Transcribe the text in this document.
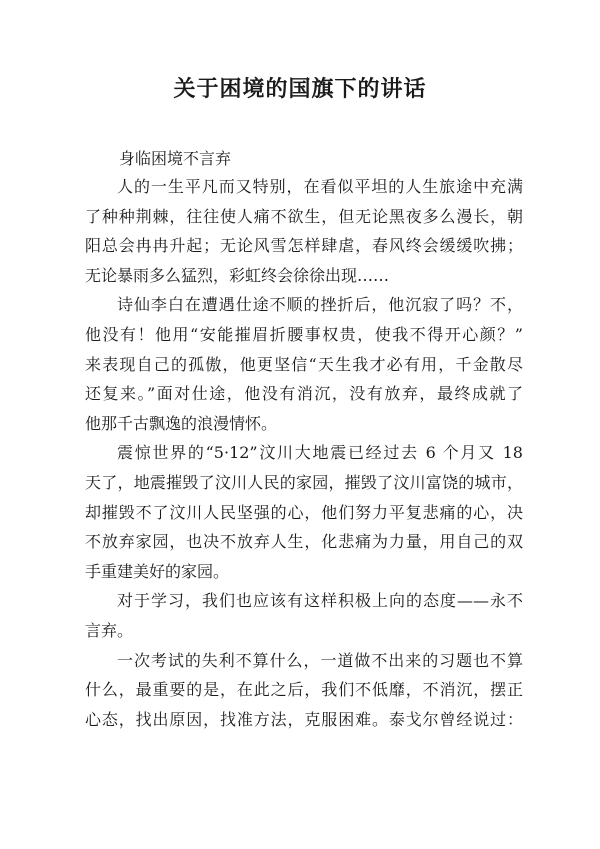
关于困境的国旗下的讲话

身临困境不言弃

人的一生平凡而又特别，在看似平坦的人生旅途中充满
了种种荆棘，往往使人痛不欲生，但无论黑夜多么漫长，朝
阳总会冉冉升起；无论风雪怎样肆虐，春风终会缓缓吹拂；
无论暴雨多么猛烈，彩虹终会徐徐出现……
诗仙李白在遭遇仕途不顺的挫折后，他沉寂了吗？不，
他没有！他用“安能摧眉折腰事权贵，使我不得开心颜？”
来表现自己的孤傲，他更坚信“天生我才必有用，千金散尽
还复来。”面对仕途，他没有消沉，没有放弃，最终成就了
他那千古飘逸的浪漫情怀。
震惊世界的“5·12”汶川大地震已经过去 6 个月又 18
天了，地震摧毁了汶川人民的家园，摧毁了汶川富饶的城市，
却摧毁不了汶川人民坚强的心，他们努力平复悲痛的心，决
不放弃家园，也决不放弃人生，化悲痛为力量，用自己的双
手重建美好的家园。
对于学习，我们也应该有这样积极上向的态度——永不
言弃。
一次考试的失利不算什么，一道做不出来的习题也不算
什么，最重要的是，在此之后，我们不低靡，不消沉，摆正
心态，找出原因，找准方法，克服困难。泰戈尔曾经说过：
